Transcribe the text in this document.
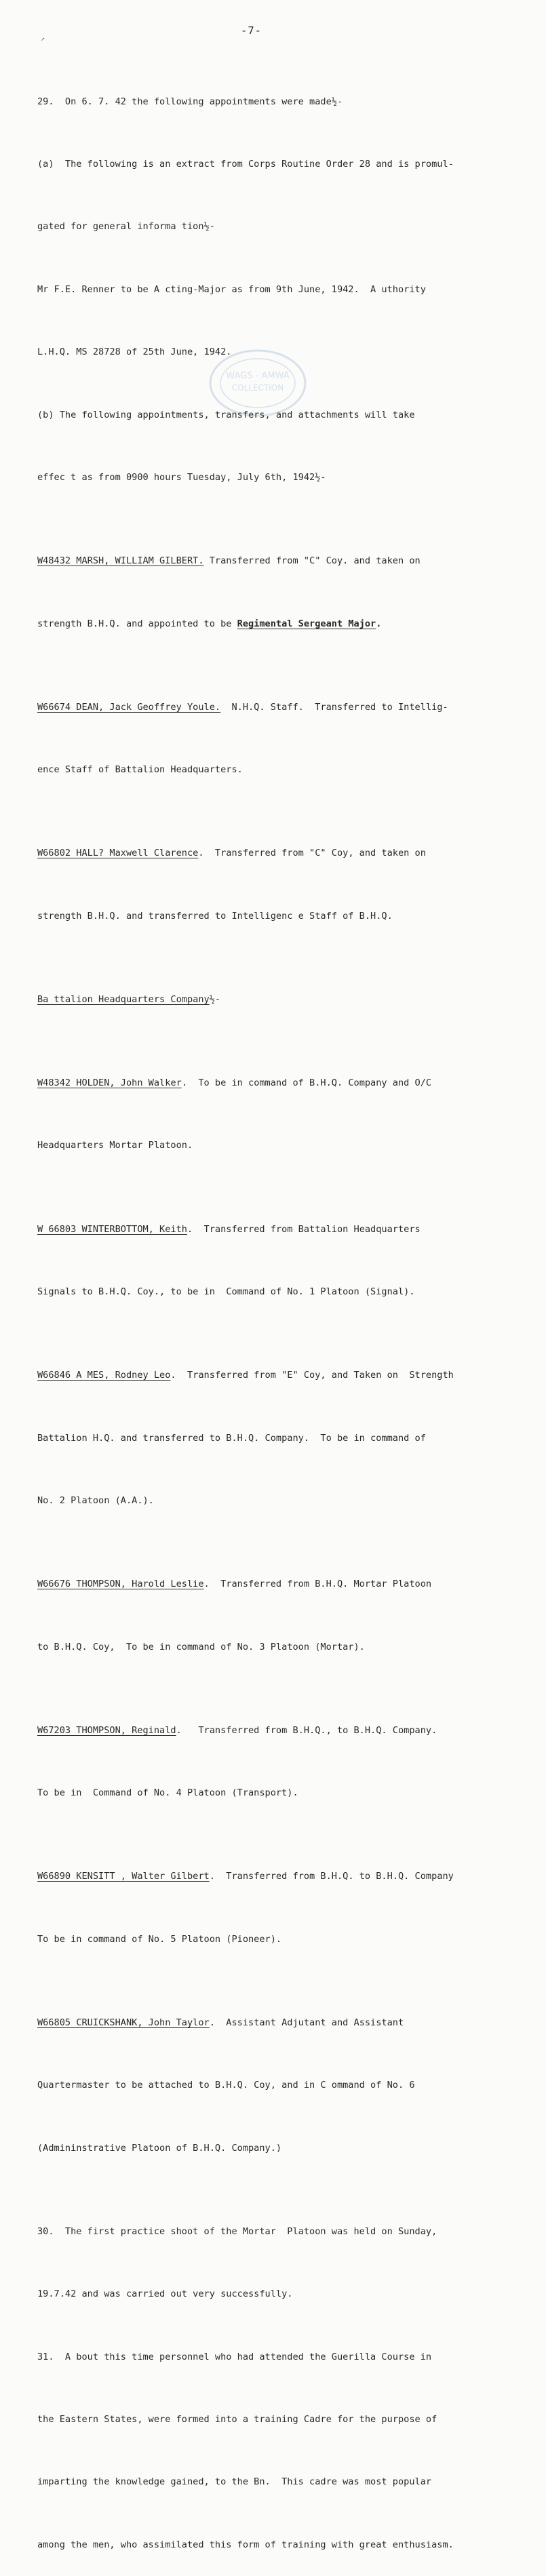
-7-
↗
WAGS - AMWA
COLLECTION

29.  On 6. 7. 42 the following appointments were made½-

(a)  The following is an extract from Corps Routine Order 28 and is promul-

gated for general informa tion½-

Mr F.E. Renner to be A cting-Major as from 9th June, 1942.  A uthority

L.H.Q. MS 28728 of 25th June, 1942.

(b) The following appointments, transfers, and attachments will take

effec t as from 0900 hours Tuesday, July 6th, 1942½-

W48432 MARSH, WILLIAM GILBERT. Transferred from "C" Coy. and taken on

strength B.H.Q. and appointed to be Regimental Sergeant Major.

W66674 DEAN, Jack Geoffrey Youle.  N.H.Q. Staff.  Transferred to Intellig-

ence Staff of Battalion Headquarters.

W66802 HALL? Maxwell Clarence.  Transferred from "C" Coy, and taken on

strength B.H.Q. and transferred to Intelligenc e Staff of B.H.Q.

Ba ttalion Headquarters Company½-

W48342 HOLDEN, John Walker.  To be in command of B.H.Q. Company and O/C

Headquarters Mortar Platoon.

W 66803 WINTERBOTTOM, Keith.  Transferred from Battalion Headquarters

Signals to B.H.Q. Coy., to be in  Command of No. 1 Platoon (Signal).

W66846 A MES, Rodney Leo.  Transferred from "E" Coy, and Taken on  Strength

Battalion H.Q. and transferred to B.H.Q. Company.  To be in command of

No. 2 Platoon (A.A.).

W66676 THOMPSON, Harold Leslie.  Transferred from B.H.Q. Mortar Platoon

to B.H.Q. Coy,  To be in command of No. 3 Platoon (Mortar).

W67203 THOMPSON, Reginald.   Transferred from B.H.Q., to B.H.Q. Company.

To be in  Command of No. 4 Platoon (Transport).

W66890 KENSITT , Walter Gilbert.  Transferred from B.H.Q. to B.H.Q. Company

To be in command of No. 5 Platoon (Pioneer).

W66805 CRUICKSHANK, John Taylor.  Assistant Adjutant and Assistant

Quartermaster to be attached to B.H.Q. Coy, and in C ommand of No. 6

(Admininstrative Platoon of B.H.Q. Company.)

30.  The first practice shoot of the Mortar  Platoon was held on Sunday,

19.7.42 and was carried out very successfully.

31.  A bout this time personnel who had attended the Guerilla Course in

the Eastern States, were formed into a training Cadre for the purpose of

imparting the knowledge gained, to the Bn.  This cadre was most popular

among the men, who assimilated this form of training with great enthusiasm.
